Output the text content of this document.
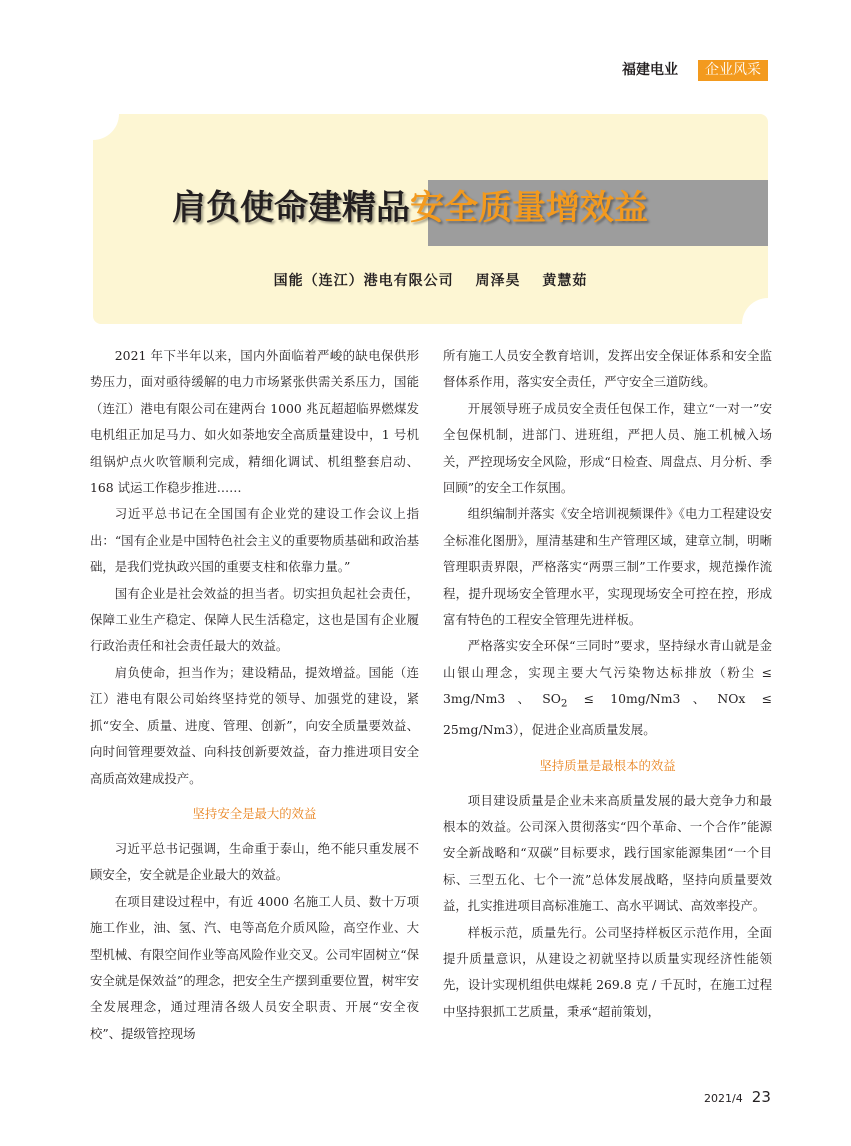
福建电业	企业风采
肩负使命建精品安全质量增效益
国能（连江）港电有限公司 周泽昊 黄慧茹

2021 年下半年以来，国内外面临着严峻的缺电保供形势压力，面对亟待缓解的电力市场紧张供需关系压力，国能（连江）港电有限公司在建两台 1000 兆瓦超超临界燃煤发电机组正加足马力、如火如荼地安全高质量建设中，1 号机组锅炉点火吹管顺利完成，精细化调试、机组整套启动、168 试运工作稳步推进……

习近平总书记在全国国有企业党的建设工作会议上指出：“国有企业是中国特色社会主义的重要物质基础和政治基础，是我们党执政兴国的重要支柱和依靠力量。”

国有企业是社会效益的担当者。切实担负起社会责任，保障工业生产稳定、保障人民生活稳定，这也是国有企业履行政治责任和社会责任最大的效益。

肩负使命，担当作为；建设精品，提效增益。国能（连江）港电有限公司始终坚持党的领导、加强党的建设，紧抓“安全、质量、进度、管理、创新”，向安全质量要效益、向时间管理要效益、向科技创新要效益，奋力推进项目安全高质高效建成投产。

坚持安全是最大的效益

习近平总书记强调，生命重于泰山，绝不能只重发展不顾安全，安全就是企业最大的效益。

在项目建设过程中，有近 4000 名施工人员、数十万项施工作业，油、氢、汽、电等高危介质风险，高空作业、大型机械、有限空间作业等高风险作业交叉。公司牢固树立“保安全就是保效益”的理念，把安全生产摆到重要位置，树牢安全发展理念，通过理清各级人员安全职责、开展“安全夜校”、提级管控现场

所有施工人员安全教育培训，发挥出安全保证体系和安全监督体系作用，落实安全责任，严守安全三道防线。

开展领导班子成员安全责任包保工作，建立“一对一”安全包保机制，进部门、进班组，严把人员、施工机械入场关，严控现场安全风险，形成“日检查、周盘点、月分析、季回顾”的安全工作氛围。

组织编制并落实《安全培训视频课件》《电力工程建设安全标准化图册》，厘清基建和生产管理区域，建章立制，明晰管理职责界限，严格落实“两票三制”工作要求，规范操作流程，提升现场安全管理水平，实现现场安全可控在控，形成富有特色的工程安全管理先进样板。

严格落实安全环保“三同时”要求，坚持绿水青山就是金山银山理念，实现主要大气污染物达标排放（粉尘 ≤ 3mg/Nm3、$SO_2 \le 10mg/Nm3$、NOx ≤ 25mg/Nm3），促进企业高质量发展。

坚持质量是最根本的效益

项目建设质量是企业未来高质量发展的最大竞争力和最根本的效益。公司深入贯彻落实“四个革命、一个合作”能源安全新战略和“双碳”目标要求，践行国家能源集团“一个目标、三型五化、七个一流”总体发展战略，坚持向质量要效益，扎实推进项目高标准施工、高水平调试、高效率投产。

样板示范，质量先行。公司坚持样板区示范作用，全面提升质量意识，从建设之初就坚持以质量实现经济性能领先，设计实现机组供电煤耗 269.8 克 / 千瓦时，在施工过程中坚持狠抓工艺质量，秉承“超前策划，

2021/4 23
